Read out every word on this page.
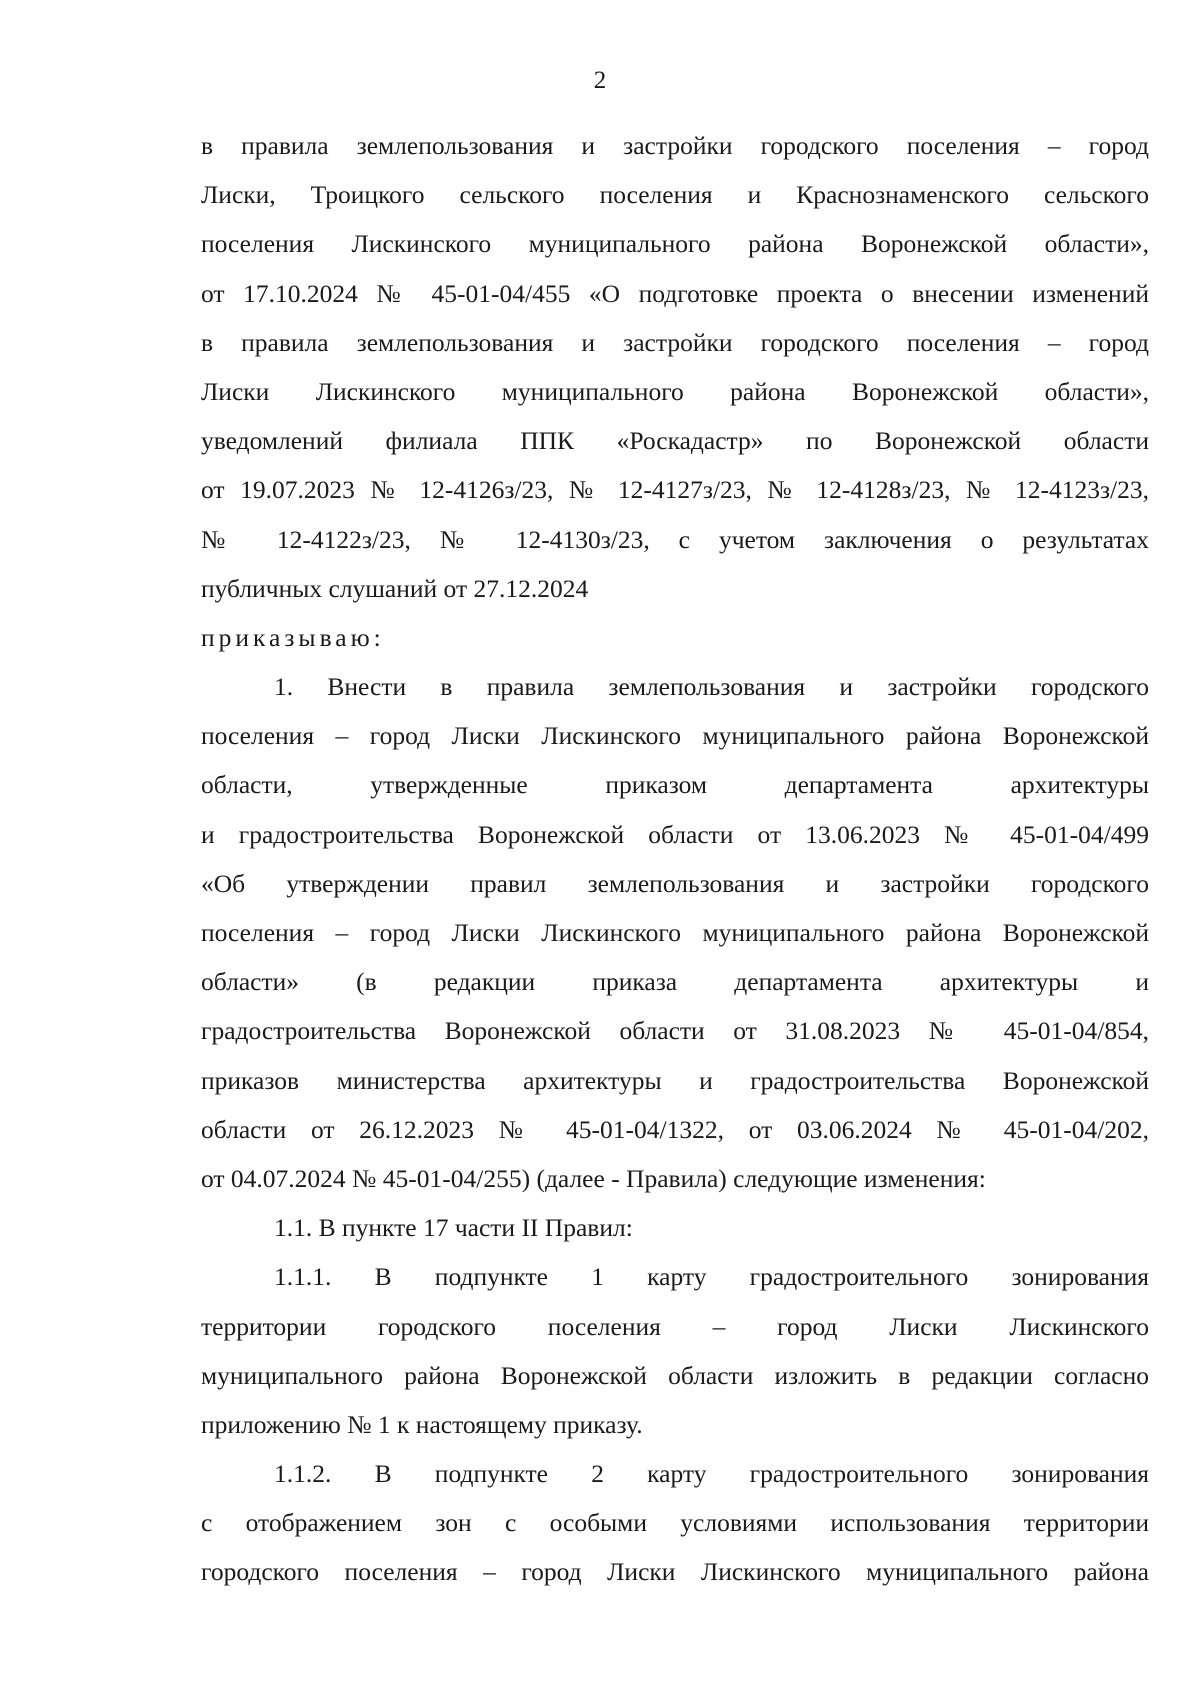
2
в правила землепользования и застройки городского поселения – город
Лиски, Троицкого сельского поселения и Краснознаменского сельского
поселения Лискинского муниципального района Воронежской области»,
от 17.10.2024 № 45-01-04/455 «О подготовке проекта о внесении изменений
в правила землепользования и застройки городского поселения – город
Лиски Лискинского муниципального района Воронежской области»,
уведомлений филиала ППК «Роскадастр» по Воронежской области
от 19.07.2023 № 12-4126з/23, № 12-4127з/23, № 12-4128з/23, № 12-4123з/23,
№ 12-4122з/23, № 12-4130з/23, с учетом заключения о результатах
публичных слушаний от 27.12.2024
приказываю:
1. Внести в правила землепользования и застройки городского
поселения – город Лиски Лискинского муниципального района Воронежской
области, утвержденные приказом департамента архитектуры
и градостроительства Воронежской области от 13.06.2023 № 45-01-04/499
«Об утверждении правил землепользования и застройки городского
поселения – город Лиски Лискинского муниципального района Воронежской
области» (в редакции приказа департамента архитектуры и
градостроительства Воронежской области от 31.08.2023 № 45-01-04/854,
приказов министерства архитектуры и градостроительства Воронежской
области от 26.12.2023 № 45-01-04/1322, от 03.06.2024 № 45-01-04/202,
от 04.07.2024 № 45-01-04/255) (далее - Правила) следующие изменения:
1.1. В пункте 17 части II Правил:
1.1.1. В подпункте 1 карту градостроительного зонирования
территории городского поселения – город Лиски Лискинского
муниципального района Воронежской области изложить в редакции согласно
приложению № 1 к настоящему приказу.
1.1.2. В подпункте 2 карту градостроительного зонирования
с отображением зон с особыми условиями использования территории
городского поселения – город Лиски Лискинского муниципального района
